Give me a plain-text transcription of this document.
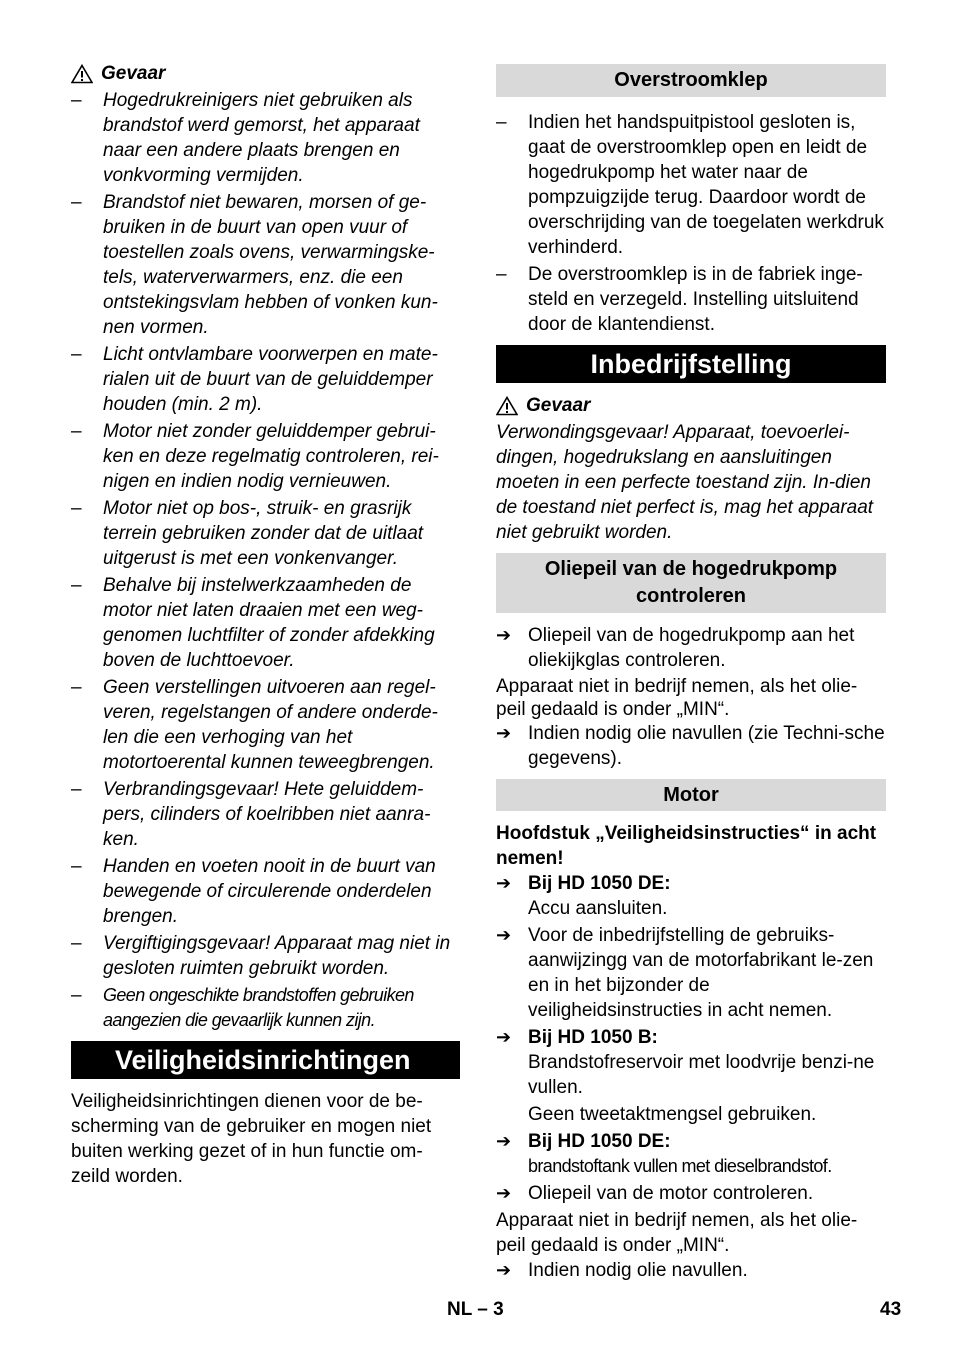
Gevaar
–	Hogedrukreinigers niet gebruiken als brandstof werd gemorst, het apparaat naar een andere plaats brengen en vonkvorming vermijden.
–	Brandstof niet bewaren, morsen of ge-bruiken in de buurt van open vuur of toestellen zoals ovens, verwarmingske-tels, waterverwarmers, enz. die een ontstekingsvlam hebben of vonken kun-nen vormen.
–	Licht ontvlambare voorwerpen en mate-rialen uit de buurt van de geluiddemper houden (min. 2 m).
–	Motor niet zonder geluiddemper gebrui-ken en deze regelmatig controleren, rei-nigen en indien nodig vernieuwen.
–	Motor niet op bos-, struik- en grasrijk terrein gebruiken zonder dat de uitlaat uitgerust is met een vonkenvanger.
–	Behalve bij instelwerkzaamheden de motor niet laten draaien met een weg-genomen luchtfilter of zonder afdekking boven de luchttoevoer.
–	Geen verstellingen uitvoeren aan regel-veren, regelstangen of andere onderde-len die een verhoging van het motortoerental kunnen teweegbrengen.
–	Verbrandingsgevaar! Hete geluiddem-pers, cilinders of koelribben niet aanra-ken.
–	Handen en voeten nooit in de buurt van bewegende of circulerende onderdelen brengen.
–	Vergiftigingsgevaar! Apparaat mag niet in gesloten ruimten gebruikt worden.
–	Geen ongeschikte brandstoffen gebruiken aangezien die gevaarlijk kunnen zijn.
Veiligheidsinrichtingen
Veiligheidsinrichtingen dienen voor de be-scherming van de gebruiker en mogen niet buiten werking gezet of in hun functie om-zeild worden.
Overstroomklep
–	Indien het handspuitpistool gesloten is, gaat de overstroomklep open en leidt de hogedrukpomp het water naar de pompzuigzijde terug. Daardoor wordt de overschrijding van de toegelaten werkdruk verhinderd.
–	De overstroomklep is in de fabriek inge-steld en verzegeld. Instelling uitsluitend door de klantendienst.
Inbedrijfstelling
Gevaar
Verwondingsgevaar! Apparaat, toevoerlei-dingen, hogedrukslang en aansluitingen moeten in een perfecte toestand zijn. In-dien de toestand niet perfect is, mag het apparaat niet gebruikt worden.
Oliepeil van de hogedrukpomp controleren
➔ Oliepeil van de hogedrukpomp aan het oliekijkglas controleren.
Apparaat niet in bedrijf nemen, als het olie-peil gedaald is onder „MIN“.
➔ Indien nodig olie navullen (zie Techni-sche gegevens).
Motor
Hoofdstuk „Veiligheidsinstructies“ in acht nemen!
➔ Bij HD 1050 DE:
Accu aansluiten.
➔ Voor de inbedrijfstelling de gebruiks-aanwijzingg van de motorfabrikant le-zen en in het bijzonder de veiligheidsinstructies in acht nemen.
➔ Bij HD 1050 B:
Brandstofreservoir met loodvrije benzi-ne vullen.
Geen tweetaktmengsel gebruiken.
➔ Bij HD 1050 DE:
brandstoftank vullen met dieselbrandstof.
➔ Oliepeil van de motor controleren.
Apparaat niet in bedrijf nemen, als het olie-peil gedaald is onder „MIN“.
➔ Indien nodig olie navullen.
NL – 3	43
